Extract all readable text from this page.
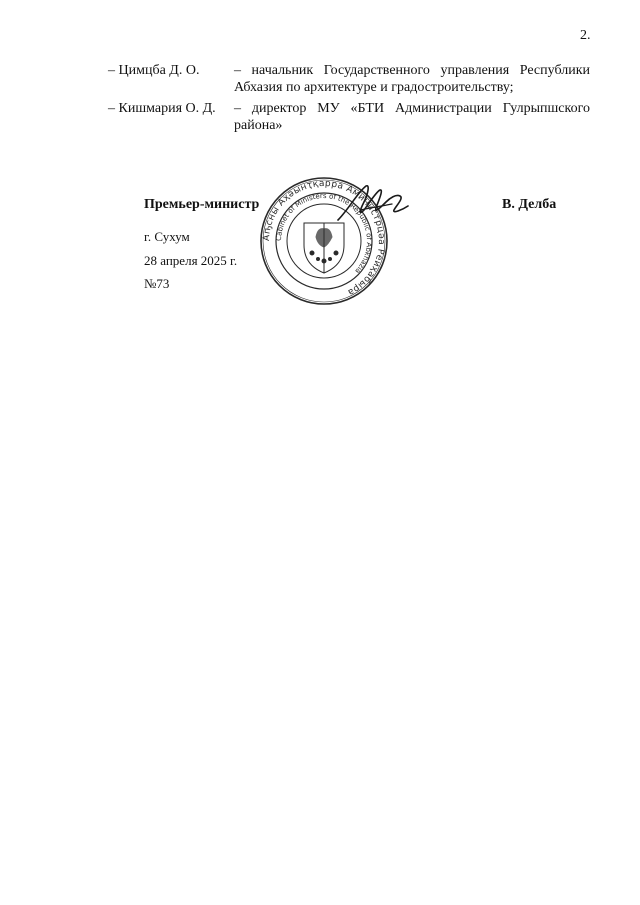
2.
– Цимцба Д. О.	– начальник Государственного управления Республики Абхазия по архитектуре и градостроительству;
– Кишмария О. Д.	– директор МУ «БТИ Администрации Гулрыпшского района»
Премьер-министр	В. Делба
г. Сухум
28 апреля 2025 г.
№73
Аҧсны Аҳәынҭқарра Аминистрцәа Реиҳабыра
Cabinet of Ministers of the Republic of Abkhazia
